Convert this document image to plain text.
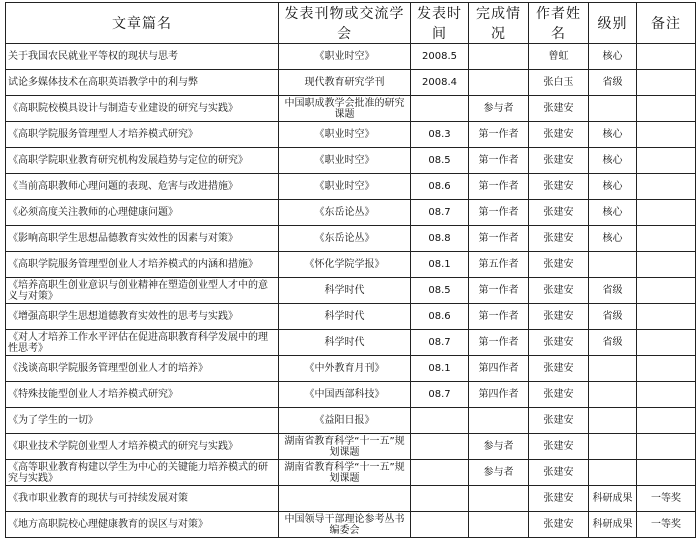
文章篇名	发表刊物或交流学会	发表时间	完成情况	作者姓名	级别	备注
关于我国农民就业平等权的现状与思考	《职业时空》	2008.5		曾虹	核心	
试论多媒体技术在高职英语教学中的利与弊	现代教育研究学刊	2008.4		张白玉	省级	
《高职院校模具设计与制造专业建设的研究与实践》	中国职成教学会批准的研究课题		参与者	张建安		
《高职学院服务管理型人才培养模式研究》	《职业时空》	08.3	第一作者	张建安	核心	
《高职学院职业教育研究机构发展趋势与定位的研究》	《职业时空》	08.5	第一作者	张建安	核心	
《当前高职教师心理问题的表现、危害与改进措施》	《职业时空》	08.6	第一作者	张建安	核心	
《必须高度关注教师的心理健康问题》	《东岳论丛》	08.7	第一作者	张建安	核心	
《影响高职学生思想品德教育实效性的因素与对策》	《东岳论丛》	08.8	第一作者	张建安	核心	
《高职学院服务管理型创业人才培养模式的内涵和措施》	《怀化学院学报》	08.1	第五作者	张建安		
《培养高职生创业意识与创业精神在塑造创业型人才中的意义与对策》	科学时代	08.5	第一作者	张建安	省级	
《增强高职学生思想道德教育实效性的思考与实践》	科学时代	08.6	第一作者	张建安	省级	
《对人才培养工作水平评估在促进高职教育科学发展中的理性思考》	科学时代	08.7	第一作者	张建安	省级	
《浅谈高职学院服务管理型创业人才的培养》	《中外教育月刊》	08.1	第四作者	张建安		
《特殊技能型创业人才培养模式研究》	《中国西部科技》	08.7	第四作者	张建安		
《为了学生的一切》	《益阳日报》			张建安		
《职业技术学院创业型人才培养模式的研究与实践》	湖南省教育科学“十一五”规划课题		参与者	张建安		
《高等职业教育构建以学生为中心的关键能力培养模式的研究与实践》	湖南省教育科学“十一五”规划课题		参与者	张建安		
《我市职业教育的现状与可持续发展对策				张建安	科研成果	一等奖
《地方高职院校心理健康教育的误区与对策》	中国领导干部理论参考丛书编委会			张建安	科研成果	一等奖
